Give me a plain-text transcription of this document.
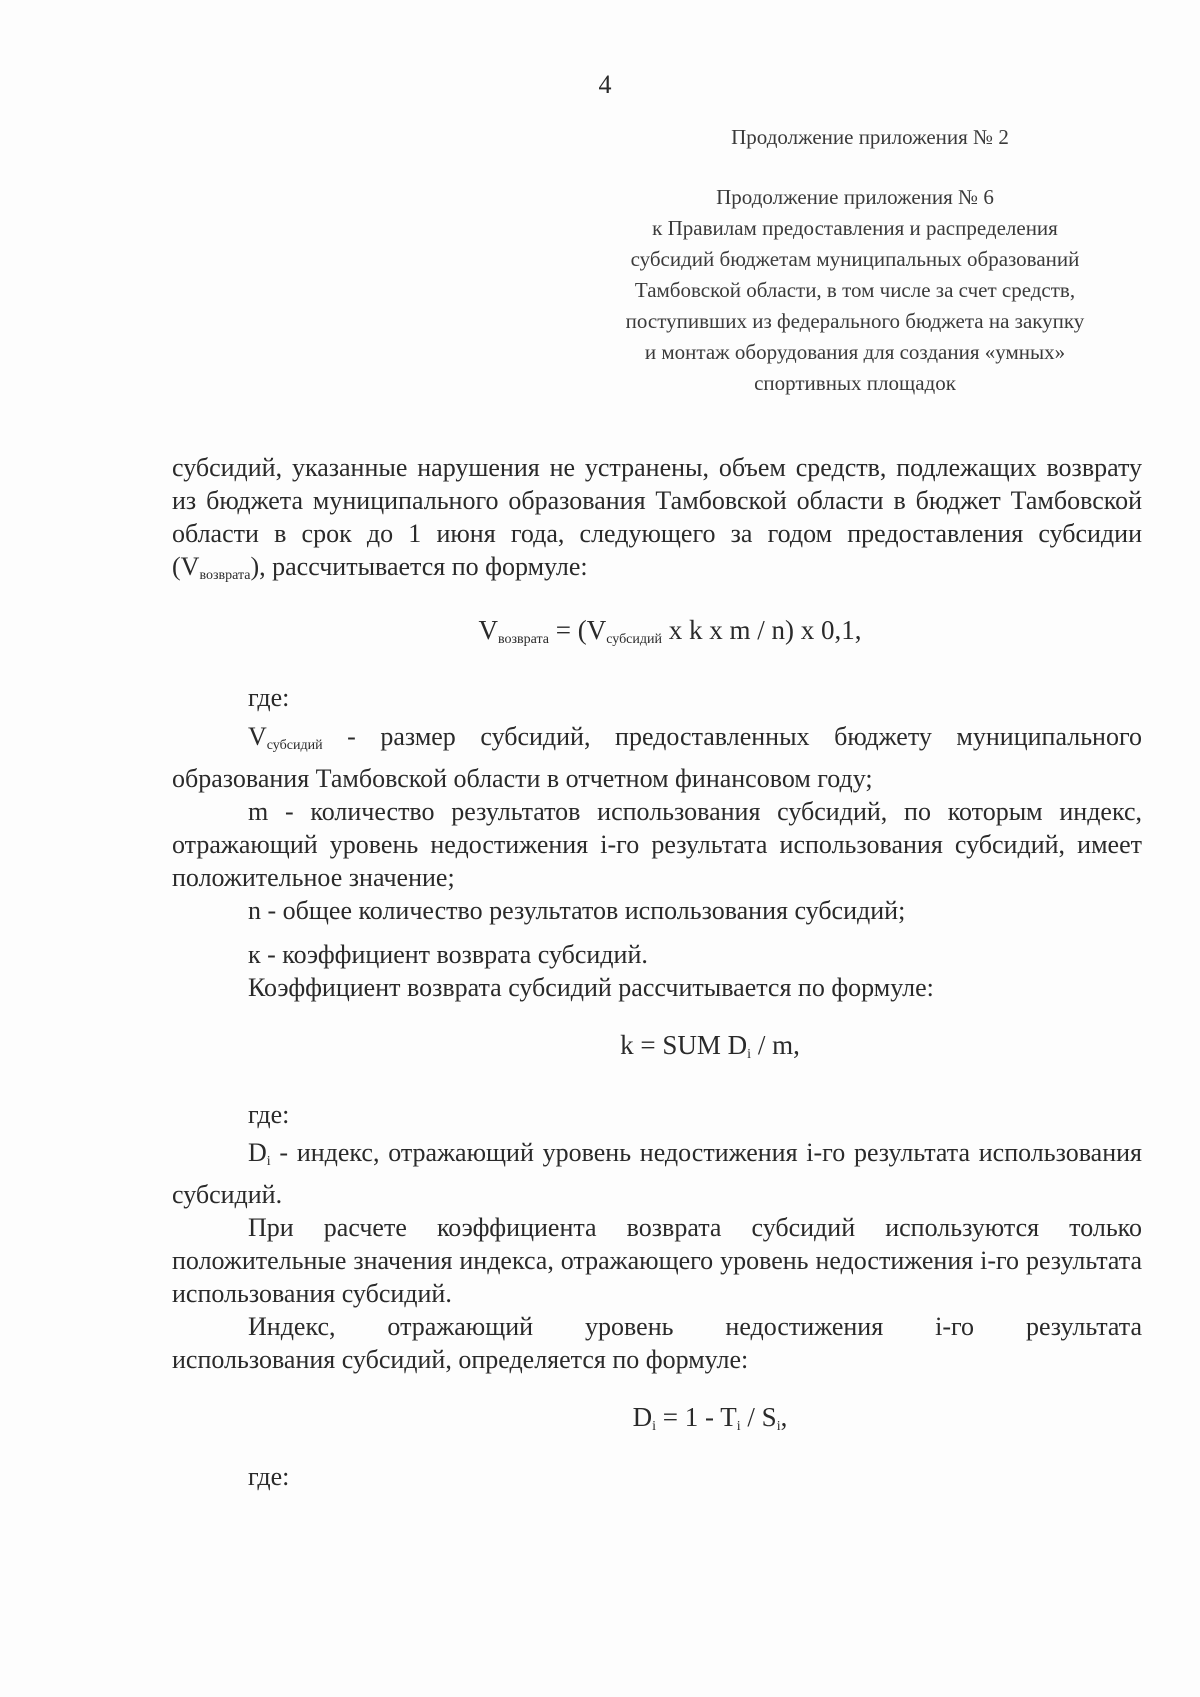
4
Продолжение приложения № 2
Продолжение приложения № 6
к Правилам предоставления и распределения
субсидий бюджетам муниципальных образований
Тамбовской области, в том числе за счет средств,
поступивших из федерального бюджета на закупку
и монтаж оборудования для создания «умных»
спортивных площадок

субсидий, указанные нарушения не устранены, объем средств, подлежащих возврату из бюджета муниципального образования Тамбовской области в бюджет Тамбовской области в срок до 1 июня года, следующего за годом предоставления субсидии $(V_{возврата})$, рассчитывается по формуле:

$V_{возврата} = (V_{субсидий}$ x k x m / n) x 0,1,
где:

$V_{субсидий}$ - размер субсидий, предоставленных бюджету муниципального образования Тамбовской области в отчетном финансовом году;

m - количество результатов использования субсидий, по которым индекс, отражающий уровень недостижения i-го результата использования субсидий, имеет положительное значение;

n - общее количество результатов использования субсидий;

к - коэффициент возврата субсидий.

Коэффициент возврата субсидий рассчитывается по формуле:

k = SUM $D_i$ / m,
где:

$D_i$ - индекс, отражающий уровень недостижения i-го результата использования субсидий.

При расчете коэффициента возврата субсидий используются только положительные значения индекса, отражающего уровень недостижения i-го результата использования субсидий.

Индекс, отражающий уровень недостижения i-го результата

использования субсидий, определяется по формуле:

$D_i = 1 - T_i / S_i$,
где:
